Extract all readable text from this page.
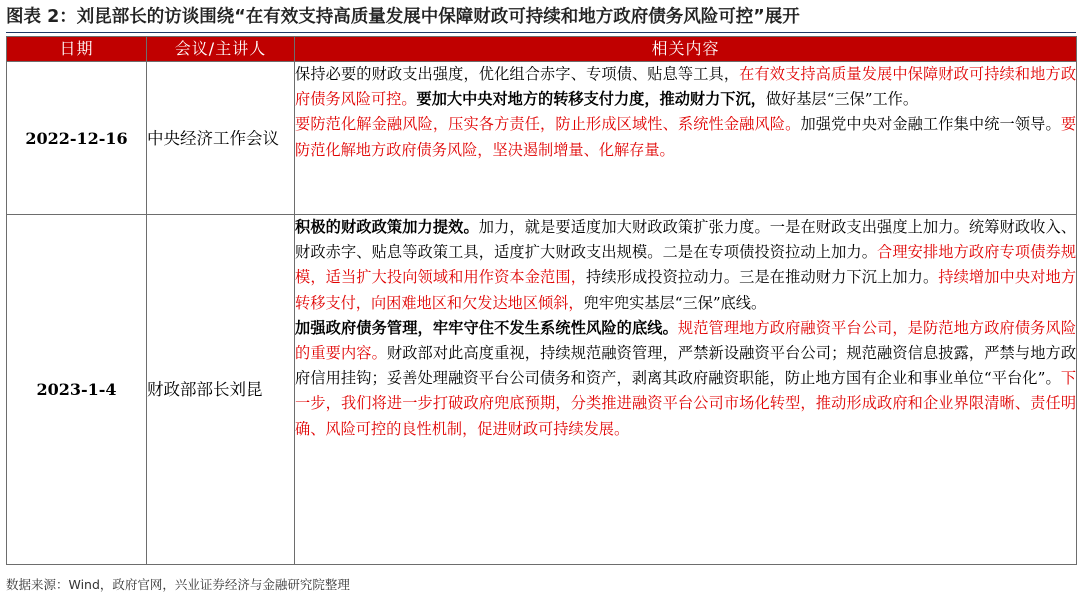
图表 2：刘昆部长的访谈围绕“在有效支持高质量发展中保障财政可持续和地方政府债务风险可控”展开
日期	会议/主讲人	相关内容
2022-12-16	中央经济工作会议	保持必要的财政支出强度，优化组合赤字、专项债、贴息等工具，在有效支持高质量发展中保障财政可持续和地方政府债务风险可控。要加大中央对地方的转移支付力度，推动财力下沉，做好基层“三保”工作。
要防范化解金融风险，压实各方责任，防止形成区域性、系统性金融风险。加强党中央对金融工作集中统一领导。要防范化解地方政府债务风险，坚决遏制增量、化解存量。
2023-1-4	财政部部长刘昆	积极的财政政策加力提效。加力，就是要适度加大财政政策扩张力度。一是在财政支出强度上加力。统筹财政收入、财政赤字、贴息等政策工具，适度扩大财政支出规模。二是在专项债投资拉动上加力。合理安排地方政府专项债券规模，适当扩大投向领域和用作资本金范围，持续形成投资拉动力。三是在推动财力下沉上加力。持续增加中央对地方转移支付，向困难地区和欠发达地区倾斜，兜牢兜实基层“三保”底线。
加强政府债务管理，牢牢守住不发生系统性风险的底线。规范管理地方政府融资平台公司，是防范地方政府债务风险的重要内容。财政部对此高度重视，持续规范融资管理，严禁新设融资平台公司；规范融资信息披露，严禁与地方政府信用挂钩；妥善处理融资平台公司债务和资产，剥离其政府融资职能，防止地方国有企业和事业单位“平台化”。下一步，我们将进一步打破政府兜底预期，分类推进融资平台公司市场化转型，推动形成政府和企业界限清晰、责任明确、风险可控的良性机制，促进财政可持续发展。
数据来源：Wind，政府官网，兴业证券经济与金融研究院整理
